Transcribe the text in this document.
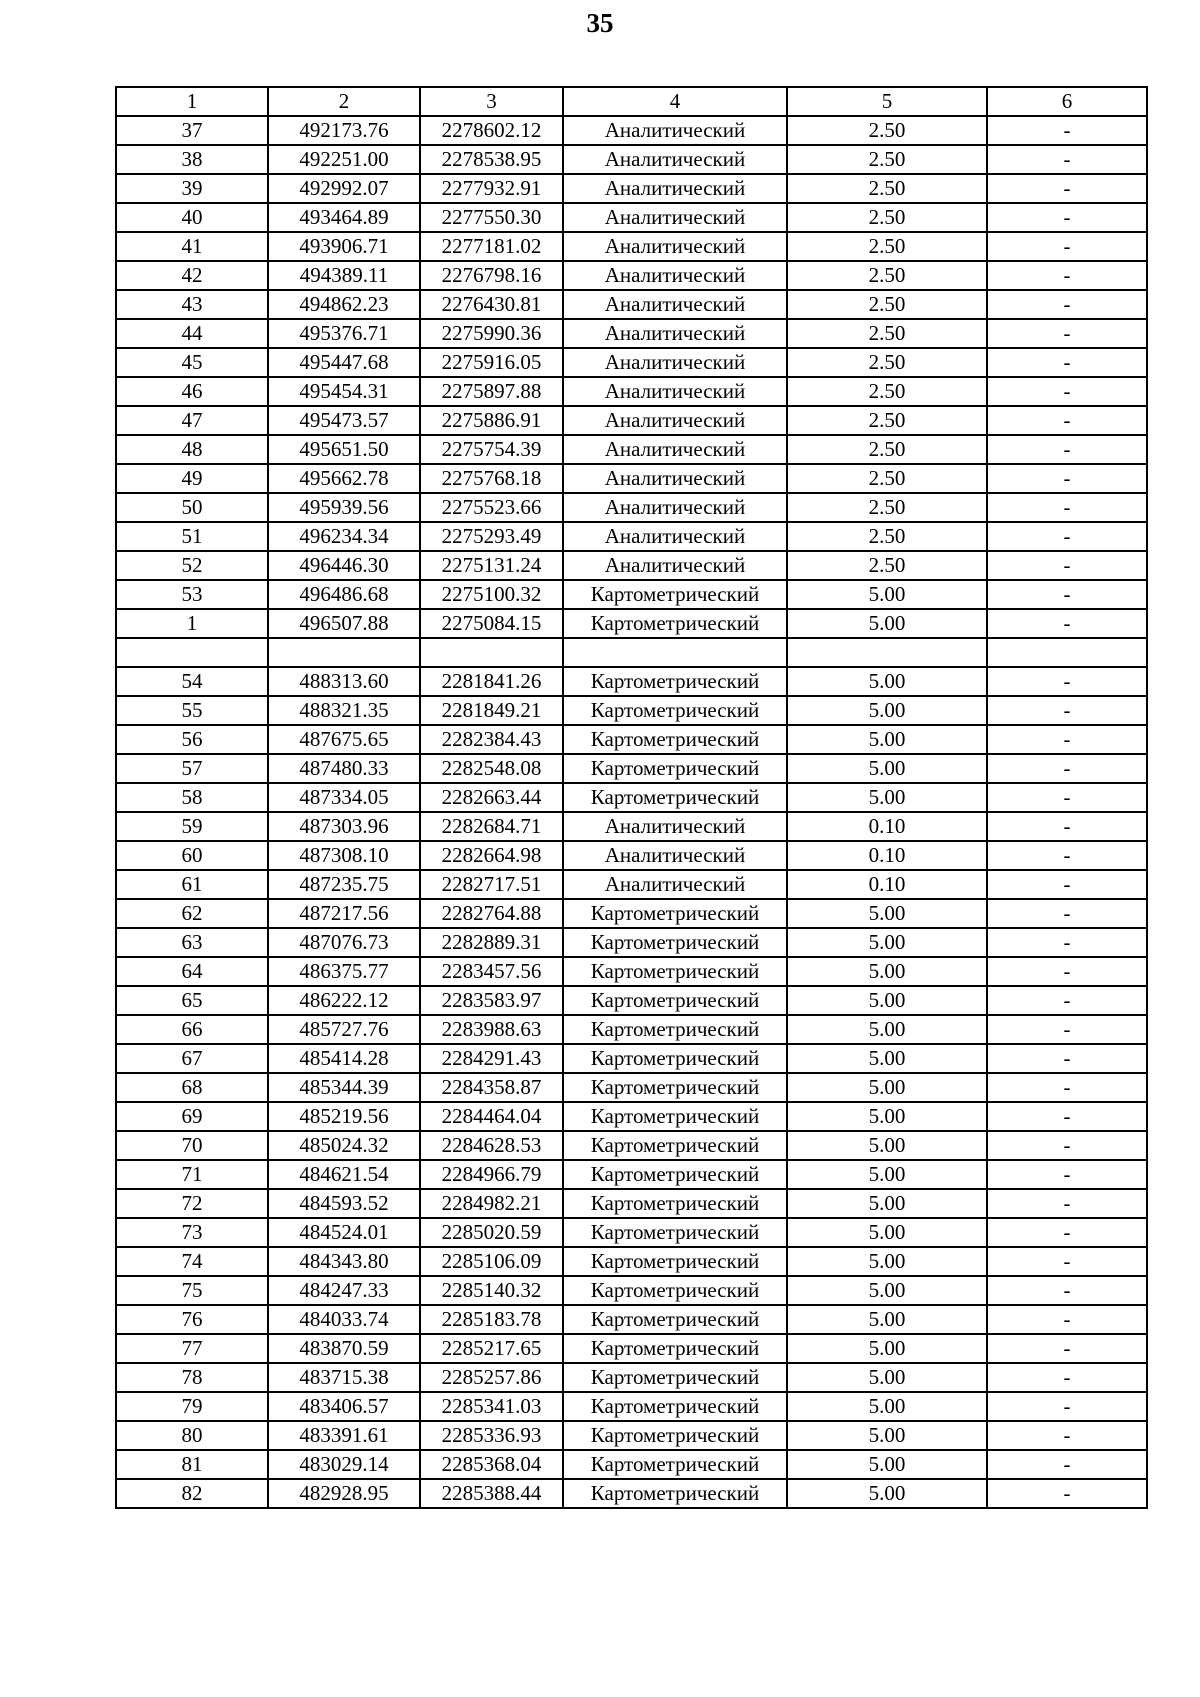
35
1	2	3	4	5	6
37	492173.76	2278602.12	Аналитический	2.50	-
38	492251.00	2278538.95	Аналитический	2.50	-
39	492992.07	2277932.91	Аналитический	2.50	-
40	493464.89	2277550.30	Аналитический	2.50	-
41	493906.71	2277181.02	Аналитический	2.50	-
42	494389.11	2276798.16	Аналитический	2.50	-
43	494862.23	2276430.81	Аналитический	2.50	-
44	495376.71	2275990.36	Аналитический	2.50	-
45	495447.68	2275916.05	Аналитический	2.50	-
46	495454.31	2275897.88	Аналитический	2.50	-
47	495473.57	2275886.91	Аналитический	2.50	-
48	495651.50	2275754.39	Аналитический	2.50	-
49	495662.78	2275768.18	Аналитический	2.50	-
50	495939.56	2275523.66	Аналитический	2.50	-
51	496234.34	2275293.49	Аналитический	2.50	-
52	496446.30	2275131.24	Аналитический	2.50	-
53	496486.68	2275100.32	Картометрический	5.00	-
1	496507.88	2275084.15	Картометрический	5.00	-

54	488313.60	2281841.26	Картометрический	5.00	-
55	488321.35	2281849.21	Картометрический	5.00	-
56	487675.65	2282384.43	Картометрический	5.00	-
57	487480.33	2282548.08	Картометрический	5.00	-
58	487334.05	2282663.44	Картометрический	5.00	-
59	487303.96	2282684.71	Аналитический	0.10	-
60	487308.10	2282664.98	Аналитический	0.10	-
61	487235.75	2282717.51	Аналитический	0.10	-
62	487217.56	2282764.88	Картометрический	5.00	-
63	487076.73	2282889.31	Картометрический	5.00	-
64	486375.77	2283457.56	Картометрический	5.00	-
65	486222.12	2283583.97	Картометрический	5.00	-
66	485727.76	2283988.63	Картометрический	5.00	-
67	485414.28	2284291.43	Картометрический	5.00	-
68	485344.39	2284358.87	Картометрический	5.00	-
69	485219.56	2284464.04	Картометрический	5.00	-
70	485024.32	2284628.53	Картометрический	5.00	-
71	484621.54	2284966.79	Картометрический	5.00	-
72	484593.52	2284982.21	Картометрический	5.00	-
73	484524.01	2285020.59	Картометрический	5.00	-
74	484343.80	2285106.09	Картометрический	5.00	-
75	484247.33	2285140.32	Картометрический	5.00	-
76	484033.74	2285183.78	Картометрический	5.00	-
77	483870.59	2285217.65	Картометрический	5.00	-
78	483715.38	2285257.86	Картометрический	5.00	-
79	483406.57	2285341.03	Картометрический	5.00	-
80	483391.61	2285336.93	Картометрический	5.00	-
81	483029.14	2285368.04	Картометрический	5.00	-
82	482928.95	2285388.44	Картометрический	5.00	-
